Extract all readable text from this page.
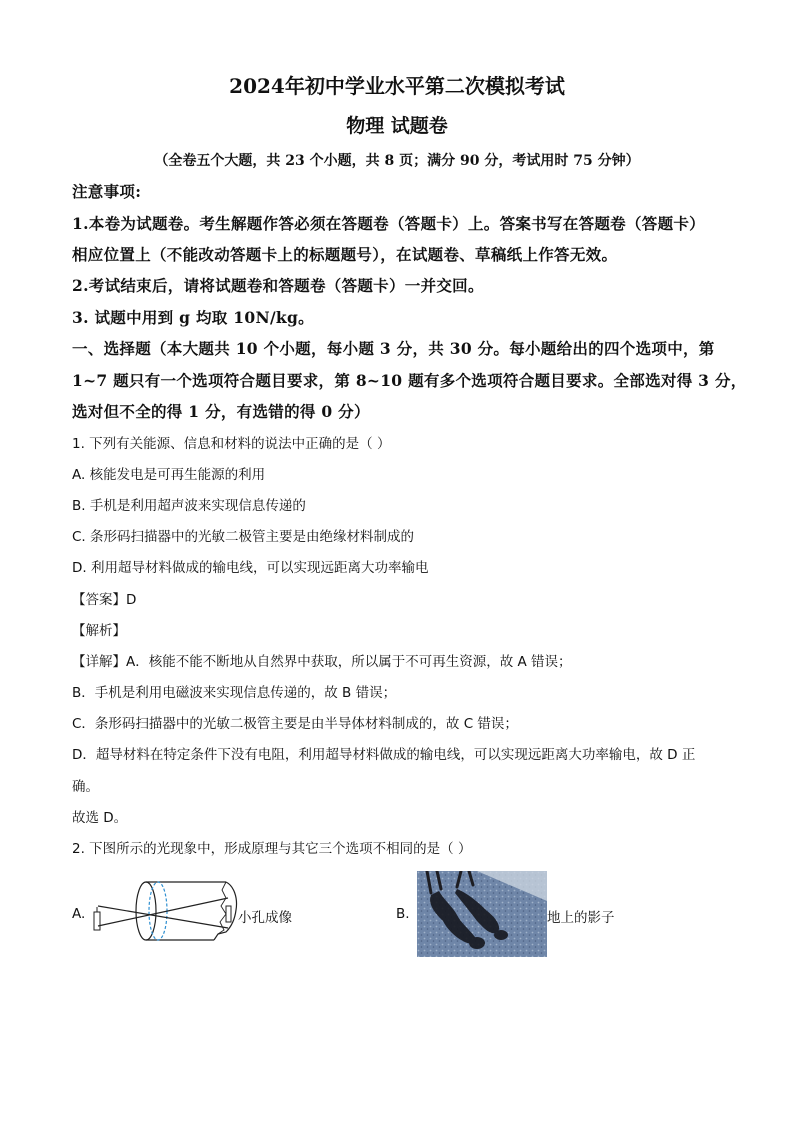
2024年初中学业水平第二次模拟考试
物理 试题卷
（全卷五个大题，共 23 个小题，共 8 页；满分 90 分，考试用时 75 分钟）
注意事项:
1.本卷为试题卷。考生解题作答必须在答题卷（答题卡）上。答案书写在答题卷（答题卡）
相应位置上（不能改动答题卡上的标题题号），在试题卷、草稿纸上作答无效。
2.考试结束后，请将试题卷和答题卷（答题卡）一并交回。
3. 试题中用到 g 均取 10N/kg。
一、选择题（本大题共 10 个小题，每小题 3 分，共 30 分。每小题给出的四个选项中，第
1~7 题只有一个选项符合题目要求，第 8~10 题有多个选项符合题目要求。全部选对得 3 分，
选对但不全的得 1 分，有选错的得 0 分）
1. 下列有关能源、信息和材料的说法中正确的是（ ）
A. 核能发电是可再生能源的利用
B. 手机是利用超声波来实现信息传递的
C. 条形码扫描器中的光敏二极管主要是由绝缘材料制成的
D. 利用超导材料做成的输电线，可以实现远距离大功率输电
【答案】D
【解析】
【详解】A．核能不能不断地从自然界中获取，所以属于不可再生资源，故 A 错误；
B．手机是利用电磁波来实现信息传递的，故 B 错误；
C．条形码扫描器中的光敏二极管主要是由半导体材料制成的，故 C 错误；
D．超导材料在特定条件下没有电阻，利用超导材料做成的输电线，可以实现远距离大功率输电，故 D 正
确。
故选 D。
2. 下图所示的光现象中，形成原理与其它三个选项不相同的是（ ）
A.	小孔成像	B.	地上的影子
